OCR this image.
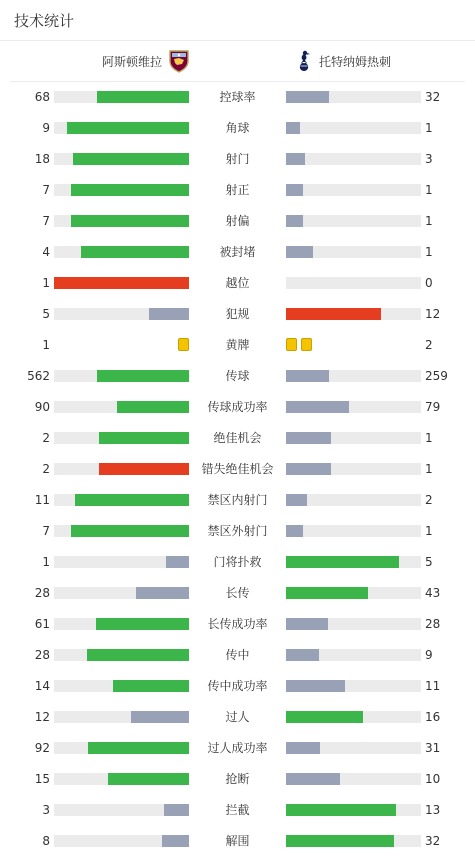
技术统计
阿斯顿维拉	托特纳姆热刺
68	控球率	32
9	角球	1
18	射门	3
7	射正	1
7	射偏	1
4	被封堵	1
1	越位	0
5	犯规	12
1	黄牌	2
562	传球	259
90	传球成功率	79
2	绝佳机会	1
2	错失绝佳机会	1
11	禁区内射门	2
7	禁区外射门	1
1	门将扑救	5
28	长传	43
61	长传成功率	28
28	传中	9
14	传中成功率	11
12	过人	16
92	过人成功率	31
15	抢断	10
3	拦截	13
8	解围	32
